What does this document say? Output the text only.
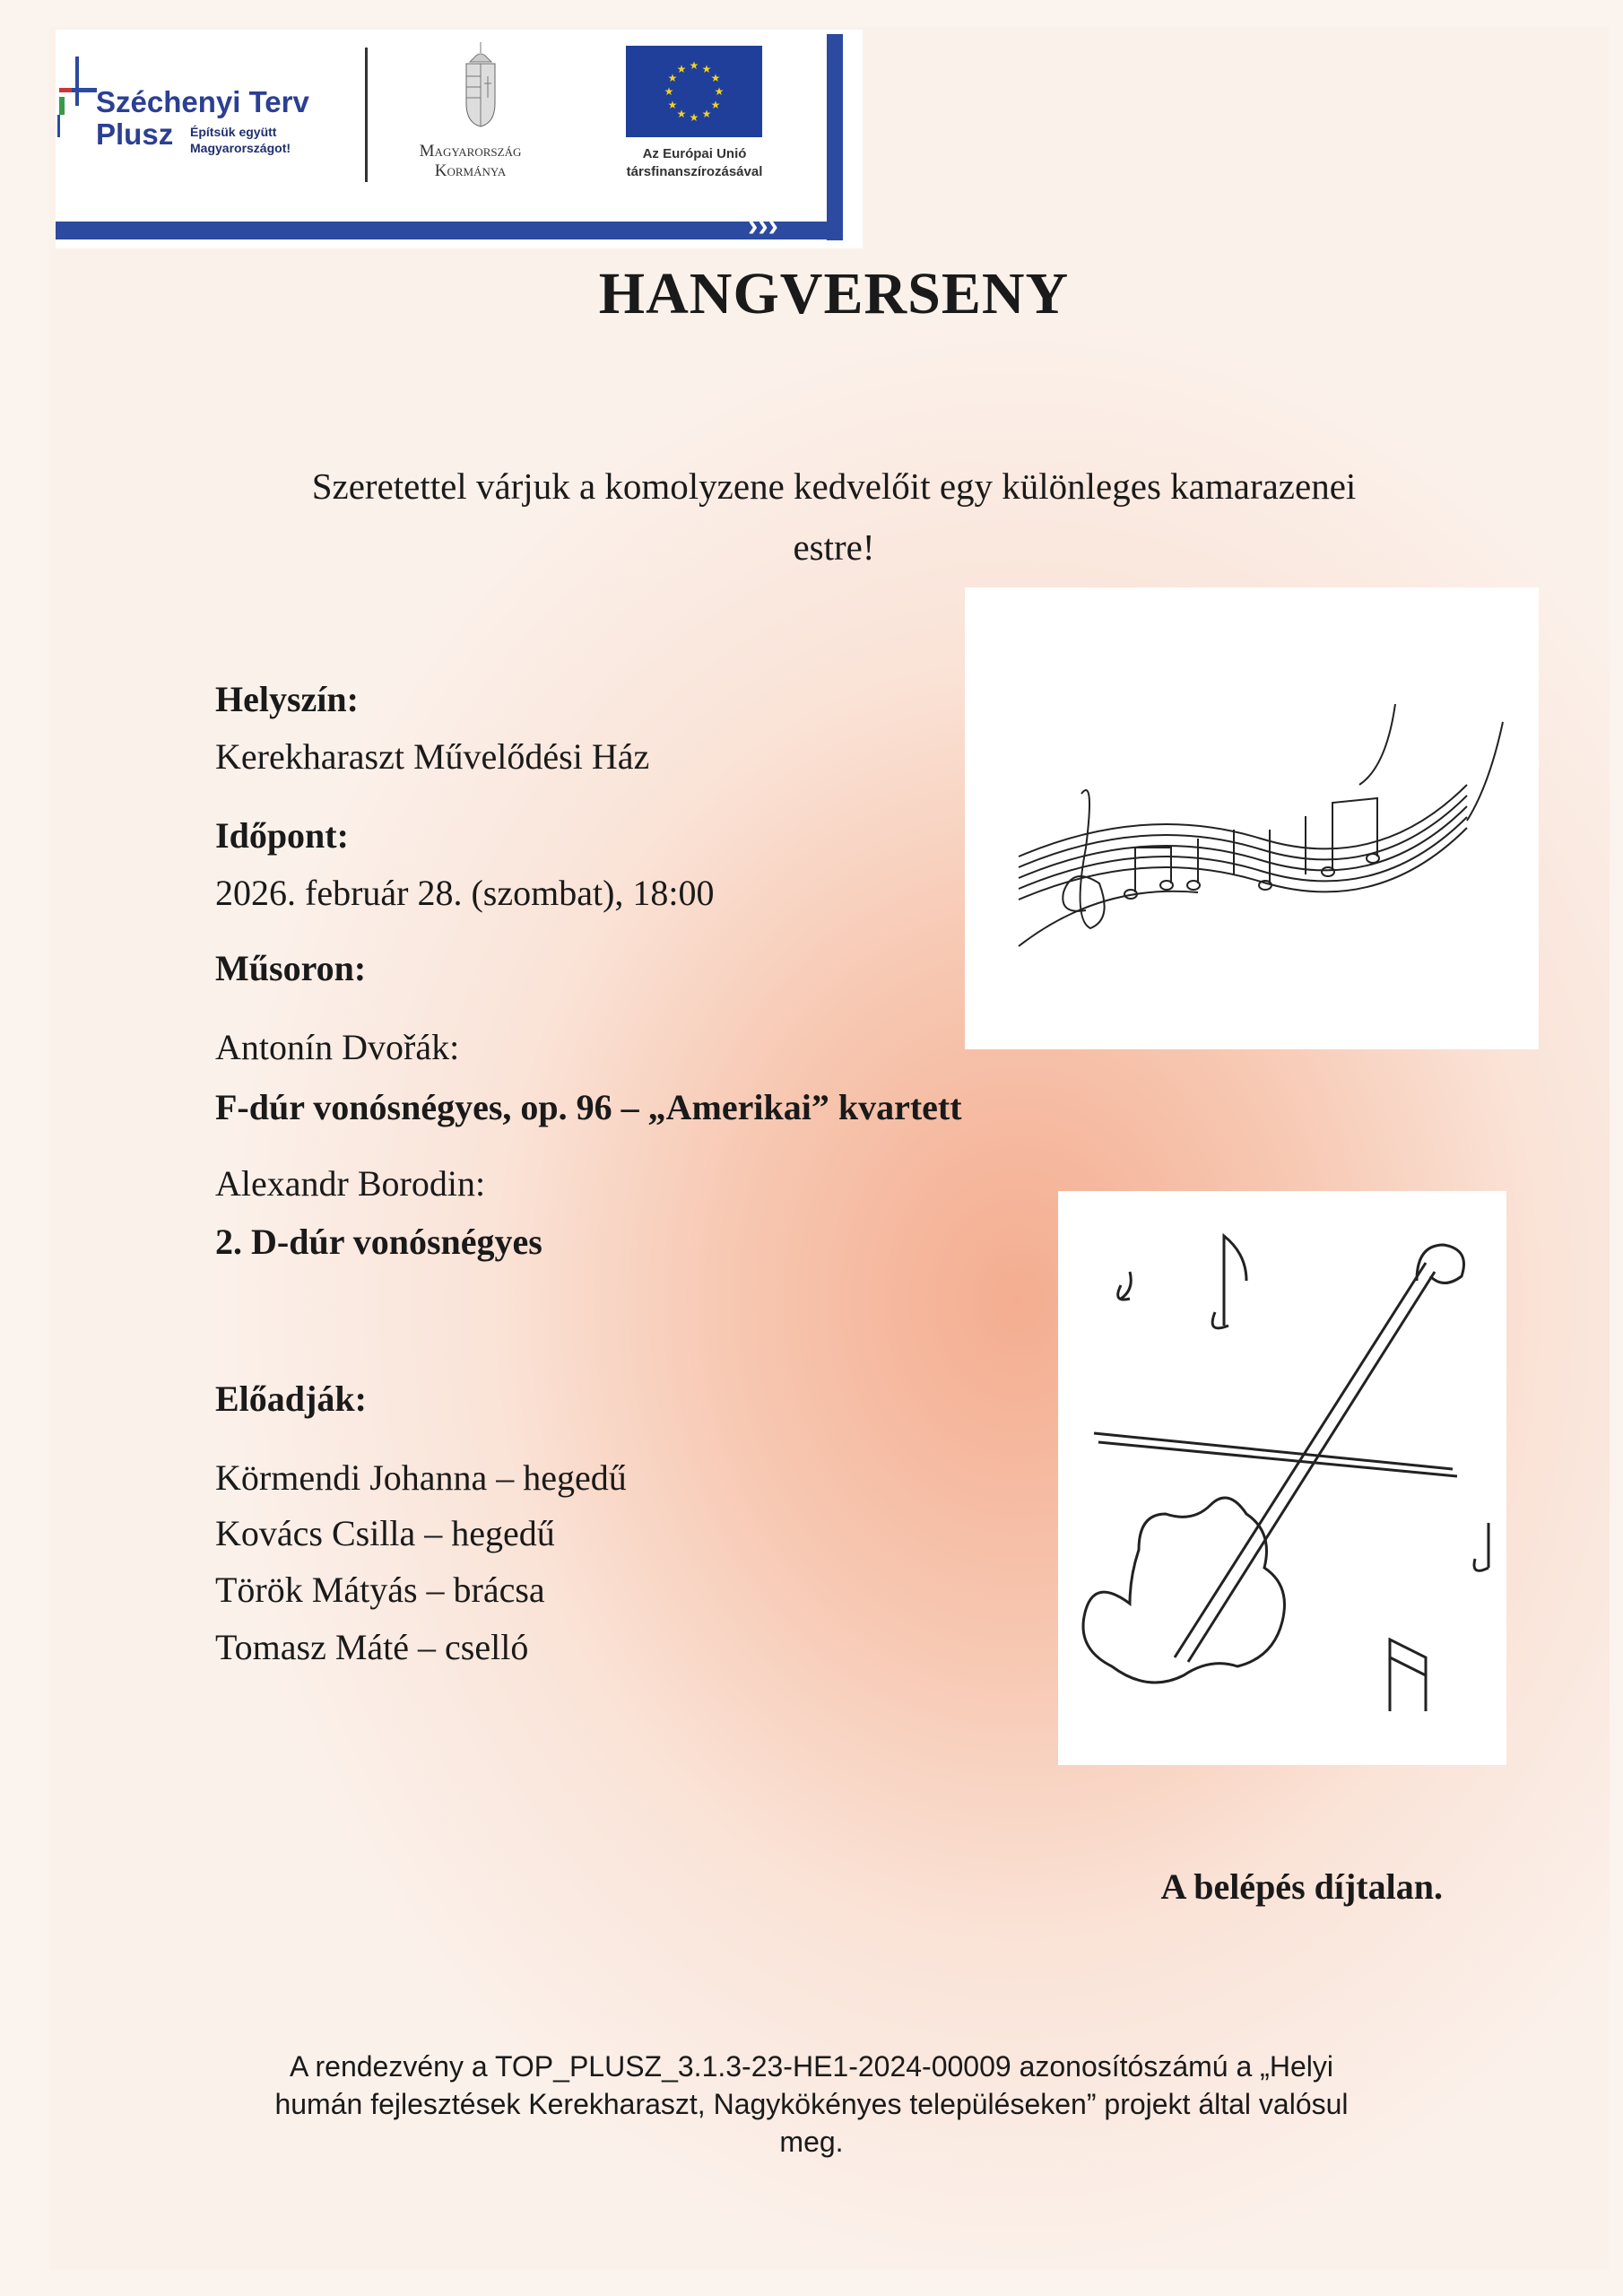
Széchenyi Terv
Plusz Építsük együtt
Magyarországot!	Magyarország
Kormánya
★ ★
★
★
★
★
★
★
★
★
★
★
Az Európai Unió
társfinanszírozásával
›››
HANGVERSENY
Szeretettel várjuk a komolyzene kedvelőit egy különleges kamarazenei
estre!
Helyszín:
Kerekharaszt Művelődési Ház
Időpont:
2026. február 28. (szombat), 18:00
Műsoron:
Antonín Dvořák:
F-dúr vonósnégyes, op. 96 – „Amerikai” kvartett
Alexandr Borodin:
2. D-dúr vonósnégyes
Előadják:
Körmendi Johanna – hegedű
Kovács Csilla – hegedű
Török Mátyás – brácsa
Tomasz Máté – cselló
A belépés díjtalan.
A rendezvény a TOP_PLUSZ_3.1.3-23-HE1-2024-00009 azonosítószámú a „Helyi
humán fejlesztések Kerekharaszt, Nagykökényes településeken” projekt által valósul
meg.
